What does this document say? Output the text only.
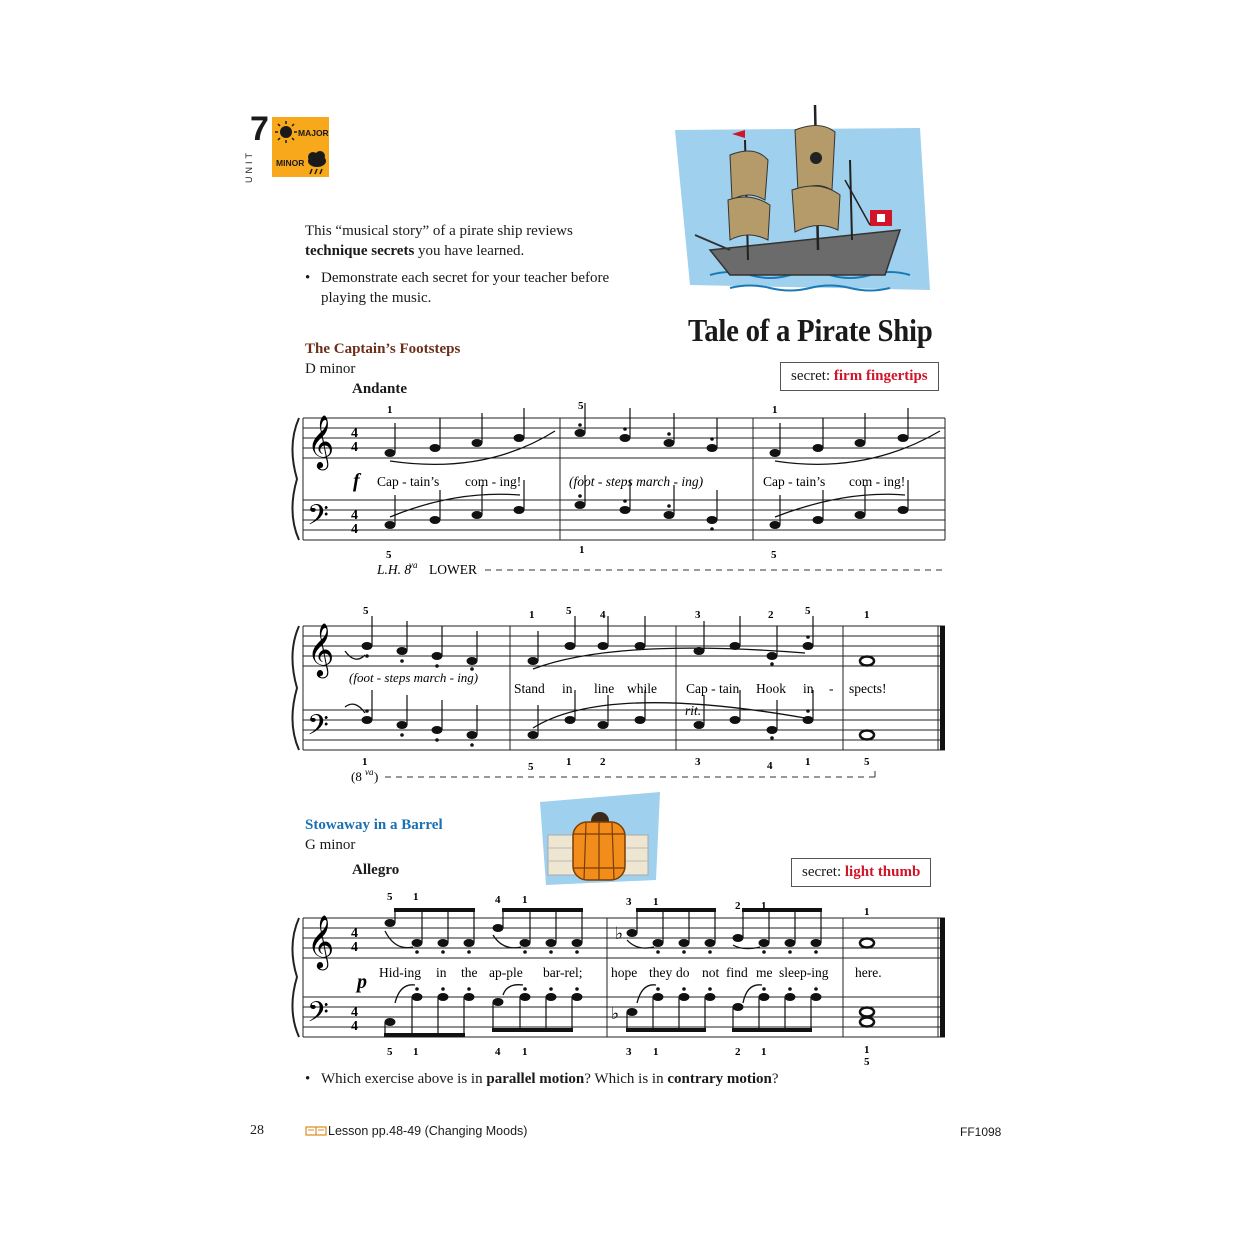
7
UNIT
MAJOR
MINOR
This “musical story” of a pirate ship reviews technique secrets you have learned.
• Demonstrate each secret for your teacher before playing the music.
Tale of a Pirate Ship
The Captain’s Footsteps
D minor
Andante
secret: firm fingertips
𝄞
𝄢
4
4
4
4
1	5	1
5	1	5
f Cap - tain’s com - ing!	(foot - steps march - ing)	Cap - tain’s com - ing!
L.H. 8
va LOWER
𝄞
𝄢
5	1	5	4	3	2	5	1
(foot - steps march - ing)
Stand in line while Cap - tain Hook in - spects!
rit.
1	5	1	2	3	4	1	5
(8 va )
Stowaway in a Barrel
G minor
Allegro	secret: light thumb
𝄞
𝄢
4
4
4
4
♭
♭
5 1	4 1	3 1	2 1	1
p Hid-ing in the ap-ple bar-rel; hope they do not find me sleep-ing here.
5 1	4 1	3 1	2 1	1
5
• Which exercise above is in parallel motion? Which is in contrary motion?
28	Lesson pp.48-49 (Changing Moods)	FF1098
